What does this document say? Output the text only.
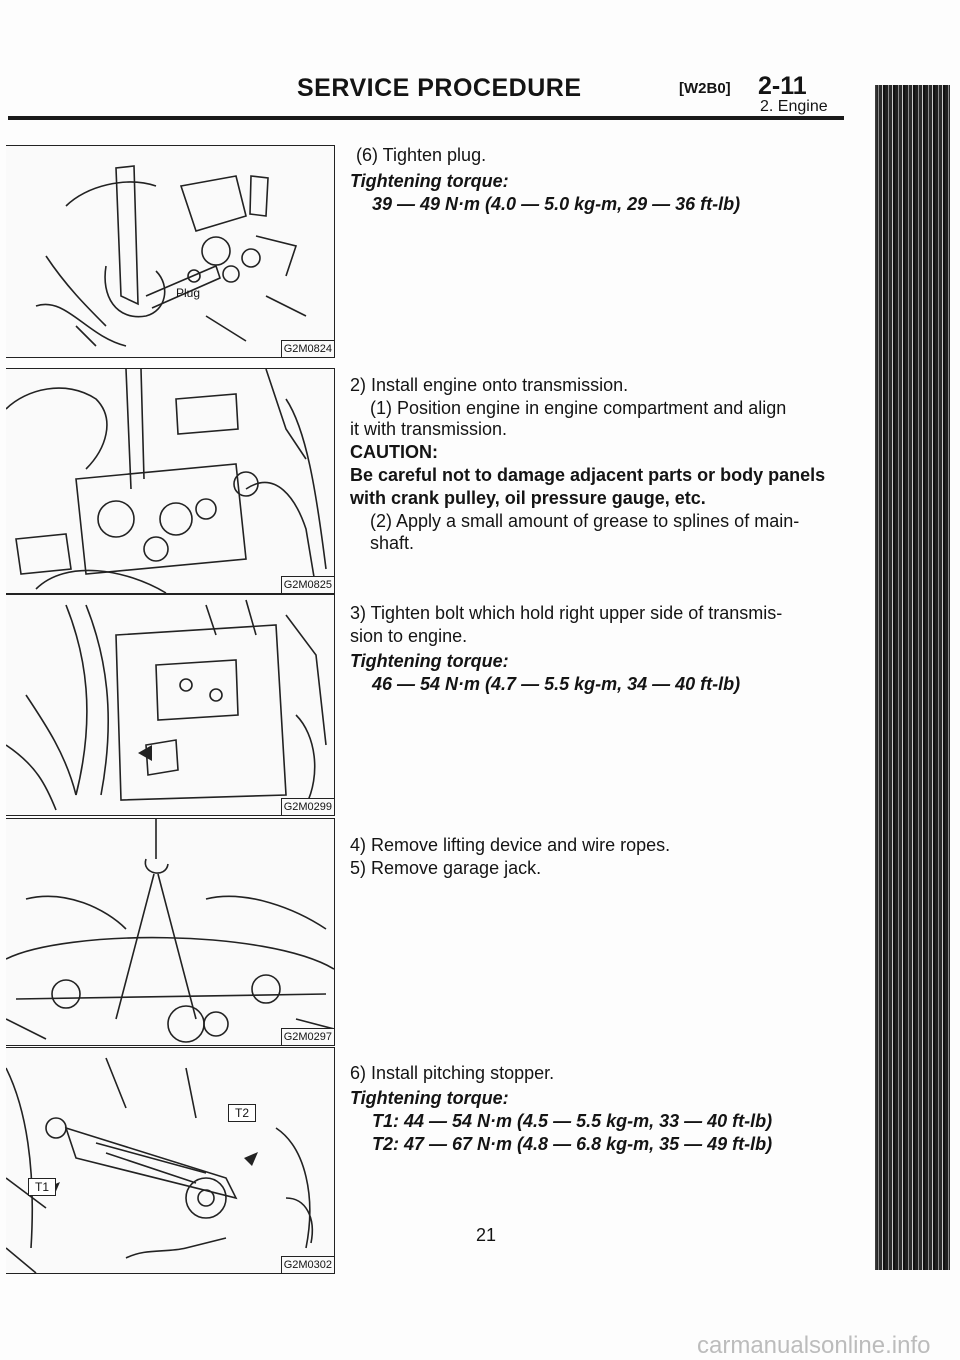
SERVICE PROCEDURE	[W2B0] 2-11
2. Engine
Plug
G2M0824
G2M0825
G2M0299
G2M0297
T2
T1
G2M0302
(6) Tighten plug.
Tightening torque:
39 — 49 N·m (4.0 — 5.0 kg-m, 29 — 36 ft-lb)
2) Install engine onto transmission.
(1) Position engine in engine compartment and align
it with transmission.
CAUTION:
Be careful not to damage adjacent parts or body panels
with crank pulley, oil pressure gauge, etc.
(2) Apply a small amount of grease to splines of main-
shaft.
3) Tighten bolt which hold right upper side of transmis-
sion to engine.
Tightening torque:
46 — 54 N·m (4.7 — 5.5 kg-m, 34 — 40 ft-lb)
4) Remove lifting device and wire ropes.
5) Remove garage jack.
6) Install pitching stopper.
Tightening torque:
T1: 44 — 54 N·m (4.5 — 5.5 kg-m, 33 — 40 ft-lb)
T2: 47 — 67 N·m (4.8 — 6.8 kg-m, 35 — 49 ft-lb)
21
carmanualsonline.info
